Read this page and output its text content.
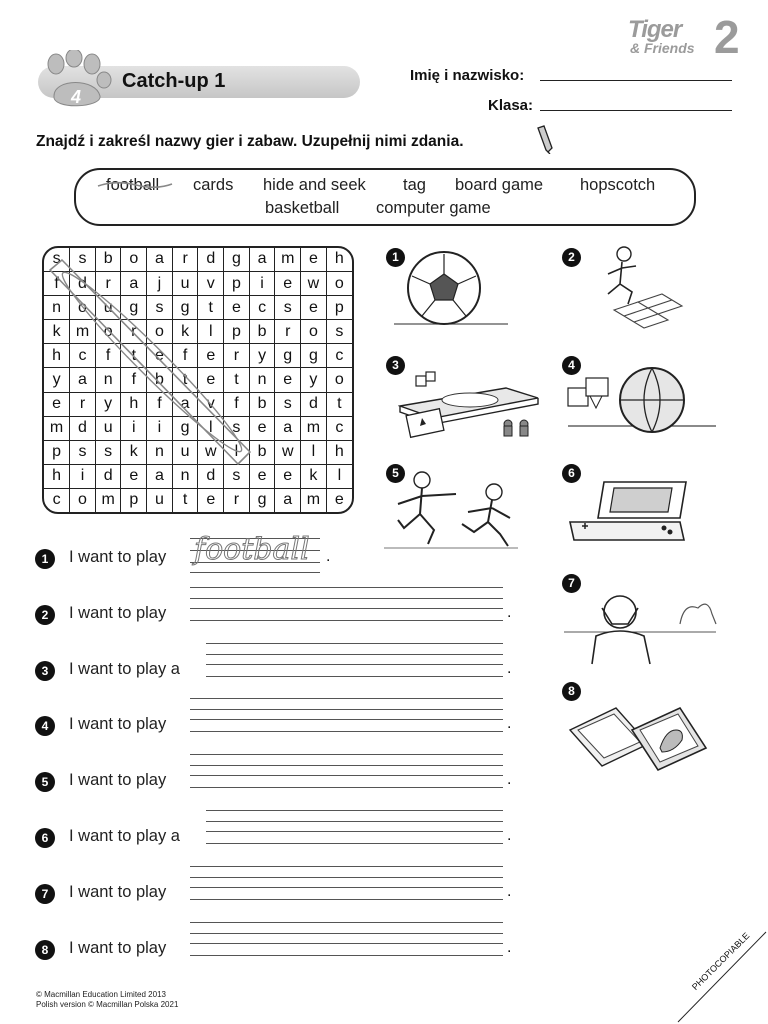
Tiger
& Friends 2
4
Catch-up 1	Imię i nazwisko:
Klasa:
Znajdź i zakreśl nazwy gier i zabaw. Uzupełnij nimi zdania.
football cards hide and seek tag board game hopscotch
basketball computer game
s	s	b	o	a	r	d	g	a	m	e	h
f	d	r	a	j	u	v	p	i	e	w	o
n	o	u	g	s	g	t	e	c	s	e	p
k	m	o	r	o	k	l	p	b	r	o	s
h	c	f	t	e	f	e	r	y	g	g	c
y	a	n	f	b	t	e	t	n	e	y	o
e	r	y	h	f	a	v	f	b	s	d	t
m	d	u	i	i	g	l	s	e	a	m	c
p	s	s	k	n	u	w	l	b	w	l	h
h	i	d	e	a	n	d	s	e	e	k	l
c	o	m	p	u	t	e	r	g	a	m	e
1	2
3	4
5	6
7
8
1	I want to play football .
2	I want to play	.
3	I want to play a	.
4	I want to play	.
5	I want to play	.
6	I want to play a	.
7	I want to play	.
8	I want to play	.
© Macmillan Education Limited 2013
Polish version © Macmillan Polska 2021
PHOTOCOPIABLE
